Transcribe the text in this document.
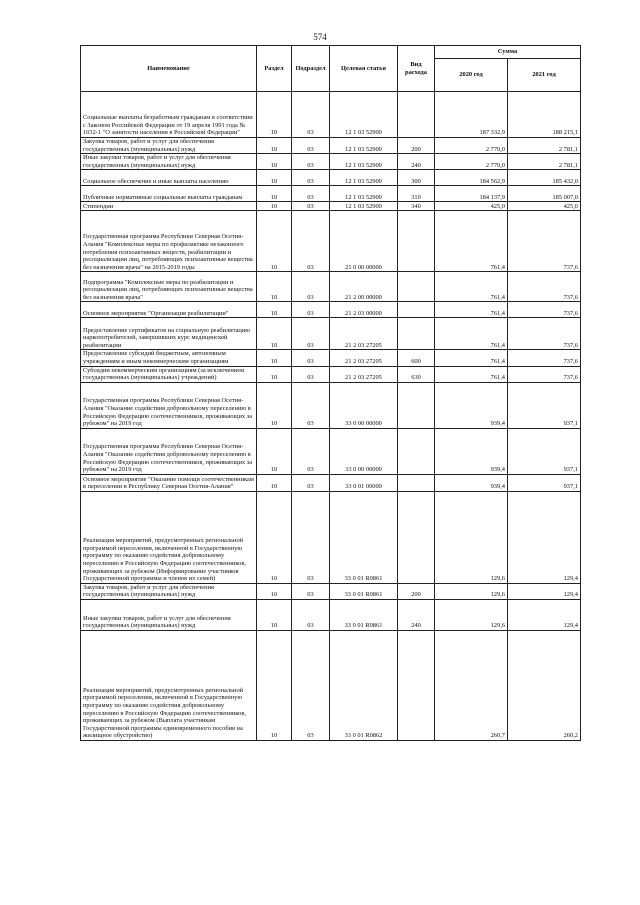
574
Наименование	Раздел	Подраздел	Целевая статья	Вид расхода	Сумма	
					2020 год	2021 год
Социальные выплаты безработным гражданам в соответствии с Законом Российской Федерации от 19 апреля 1991 года № 1032-1 "О занятости населения в Российской Федерации"	10	03	12 1 03 52900		187 332,9	188 215,1
Закупка товаров, работ и услуг для обеспечения государственных (муниципальных) нужд	10	03	12 1 03 52900	200	2 770,0	2 781,1
Иные закупки товаров, работ и услуг для обеспечения государственных (муниципальных) нужд	10	03	12 1 03 52900	240	2 770,0	2 781,1
Социальное обеспечение и иные выплаты населению	10	03	12 1 03 52900	300	184 562,9	185 432,0
Публичные нормативные социальные выплаты гражданам	10	03	12 1 03 52900	310	184 137,9	185 007,0
Стипендии	10	03	12 1 03 52900	340	425,0	425,0
Государственная программа Республики Северная Осетия-Алания "Комплексные меры по профилактике незаконного потребления психоактивных веществ, реабилитации и ресоциализации лиц, потребляющих психоактивные вещества без назначения врача" на 2015-2019 годы	10	03	21 0 00 00000		761,4	737,6
Подпрограмма "Комплексные меры по реабилитации и ресоциализации лиц, потребляющих психоактивные вещества без назначения врача"	10	03	21 2 00 00000		761,4	737,6
Основное мероприятие "Организация реабилитации"	10	03	21 2 03 00000		761,4	737,6
Предоставление сертификатов на социальную реабилитацию наркопотребителей, завершивших курс медицинской реабилитации	10	03	21 2 03 27205		761,4	737,6
Предоставление субсидий бюджетным, автономным учреждениям и иным некоммерческим организациям	10	03	21 2 03 27205	600	761,4	737,6
Субсидии некоммерческим организациям (за исключением государственных (муниципальных) учреждений)	10	03	21 2 03 27205	630	761,4	737,6
Государственная программа Республики Северная Осетия-Алания "Оказание содействия добровольному переселению в Российскую Федерацию соотечественников, проживающих за рубежом" на 2019 год	10	03	33 0 00 00000		939,4	937,1
Государственная программа Республики Северная Осетия-Алания "Оказание содействия добровольному переселению в Российскую Федерацию соотечественников, проживающих за рубежом" на 2019 год	10	03	33 0 00 00000		939,4	937,1
Основное мероприятие "Оказание помощи соотечественникам в переселении в Республику Северная Осетия-Алания"	10	03	33 0 01 00000		939,4	937,1
Реализация мероприятий, предусмотренных региональной программой переселения, включенной в Государственную программу по оказанию содействия добровольному переселению в Российскую Федерацию соотечественников, проживающих за рубежом (Информирование участников Государственной программы и членов их семей)	10	03	33 0 01 R0861		129,6	129,4
Закупка товаров, работ и услуг для обеспечения государственных (муниципальных) нужд	10	03	33 0 01 R0861	200	129,6	129,4
Иные закупки товаров, работ и услуг для обеспечения государственных (муниципальных) нужд	10	03	33 0 01 R0861	240	129,6	129,4
Реализация мероприятий, предусмотренных региональной программой переселения, включенной в Государственную программу по оказанию содействия добровольному переселению в Российскую Федерацию соотечественников, проживающих за рубежом (Выплата участникам Государственной программы единовременного пособия на жилищное обустройство)	10	03	33 0 01 R0862		260,7	260,2
